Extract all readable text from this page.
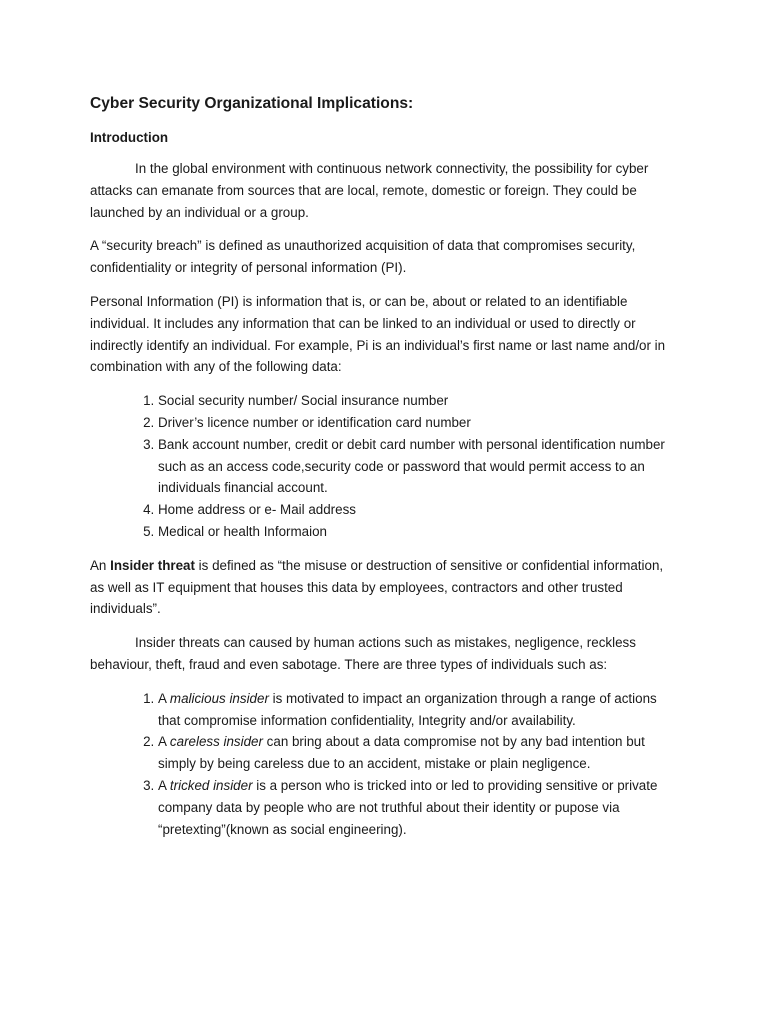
Cyber Security Organizational Implications:
Introduction

In the global environment with continuous network connectivity, the possibility for cyber attacks can emanate from sources that are local, remote, domestic or foreign. They could be launched by an individual or a group.

A “security breach” is defined as unauthorized acquisition of data that compromises security, confidentiality or integrity of personal information (PI).

Personal Information (PI) is information that is, or can be, about or related to an identifiable individual. It includes any information that can be linked to an individual or used to directly or indirectly identify an individual. For example, Pi is an individual’s first name or last name and/or in combination with any of the following data:

1. Social security number/ Social insurance number
2. Driver’s licence number or identification card number
3. Bank account number, credit or debit card number with personal identification number such as an access code,security code or password that would permit access to an individuals financial account.
4. Home address or e- Mail address
5. Medical or health Informaion

An Insider threat is defined as “the misuse or destruction of sensitive or confidential information, as well as IT equipment that houses this data by employees, contractors and other trusted individuals”.

Insider threats can caused by human actions such as mistakes, negligence, reckless behaviour, theft, fraud and even sabotage. There are three types of individuals such as:

1. A malicious insider is motivated to impact an organization through a range of actions that compromise information confidentiality, Integrity and/or availability.
2. A careless insider can bring about a data compromise not by any bad intention but simply by being careless due to an accident, mistake or plain negligence.
3. A tricked insider is a person who is tricked into or led to providing sensitive or private company data by people who are not truthful about their identity or pupose via “pretexting”(known as social engineering).
